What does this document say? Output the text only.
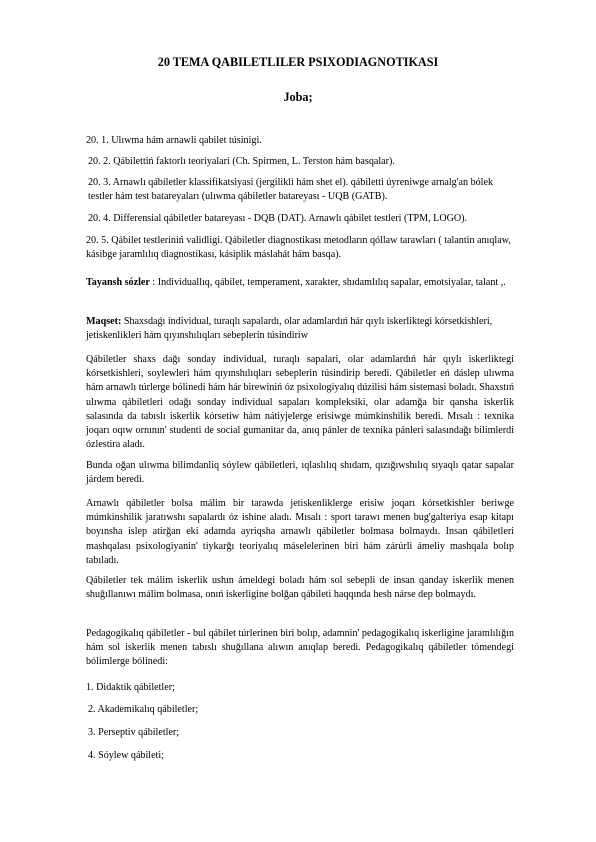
20 TEMA QABILETLILER PSIXODIAGNOTIKASI
Joba;

20. 1. Ulıwma hám arnawli qabilet túsinigi.

20. 2. Qábilettiń faktorlı teoriyalari (Ch. Spirmen, L. Terston hám basqalar).

20. 3. Arnawlı qábiletler klassifikatsiyasi (jergilikli hám shet el). qábiletti úyreniwge arnalg'an bólek testler hám test batareyaları (ulıwma qábiletler batareyası - UQB (GATB).

20. 4. Differensial qábiletler batareyası - DQB (DAT). Arnawlı qábilet testleri (TPM, LOGO).

20. 5. Qábilet testleriniń validligi. Qábiletler diagnostikası metodların qóllaw tarawları ( talantin anıqlaw, kásibge jaramlılıq diagnostikası, kásiplik máslahát hám basqa).

Tayansh sózler : Individuallıq, qábilet, temperament, xarakter, shıdamlılıq sapalar, emotsiyalar, talant ,.

Maqset: Shaxsdaǵı individual, turaqlı sapalardı, olar adamlardıń hár qıylı iskerliktegi kórsetkishleri, jetiskenlikleri hám qıyınshılıqları sebeplerin túsindiriw

Qábiletler shaxs dağı sonday individual, turaqlı sapalari, olar adamlardıń hár qıylı iskerliktegi kórsetkishleri, soylewleri hám qıyınshılıqları sebeplerin túsindirip beredi. Qábiletler eń dáslep ulıwma hám arnawlı túrlerge bólinedi hám hár birewiniń óz psixologiyalıq dúzilisi hám sistemasi boladı. Shaxstıń ulıwma qábiletleri odağı sonday individual sapaları kompleksiki, olar adamğa bir qansha iskerlik salasında da tabıslı iskerlik kórsetiw hám nátiyjelerge erisiwge múmkinshilik beredi. Mısalı : texnika joqarı oqıw ornının' studenti de social gumanitar da, anıq pánler de texnika pánleri salasındağı bilimlerdi ózlestira aladı.

Bunda oğan ulıwma bilimdanliq sóylew qábiletleri, ıqlaslılıq shıdam, qızığıwshılıq sıyaqlı qatar sapalar járdem beredi.

Arnawlı qábiletler bolsa málim bir tarawda jetiskenliklerge erisiw joqarı kórsetkishler beriwge múmkinshilik jaratıwshı sapalardı óz ishine aladı. Mısalı : sport tarawı menen bug'galteriya esap kitapı boyınsha islep atirğan eki adamda ayriqsha arnawlı qábiletler bolmasa bolmaydı. Insan qábiletleri mashqalası psixologiyanin' tiykarğı teoriyalıq máselelerinen biri hám zárúrli ámeliy mashqala bolıp tabıladı.

Qábiletler tek málim iskerlik ushın ámeldegi boladı hám sol sebepli de insan qanday iskerlik menen shuğıllanıwı málim bolmasa, onıń iskerligine bolğan qábileti haqqında hesh nárse dep bolmaydı.

Pedagogikalıq qábiletler - bul qábilet túrlerinen biri bolıp, adamnin' pedagogikalıq iskerligine jaramlılığın hám sol iskerlik menen tabıslı shuğıllana alıwın anıqlap beredi. Pedagogikalıq qábiletler tómendegi bólimlerge bólinedi:

1. Didaktik qábiletler;

2. Akademikalıq qábiletler;

3. Perseptiv qábiletler;

4. Sóylew qábileti;
